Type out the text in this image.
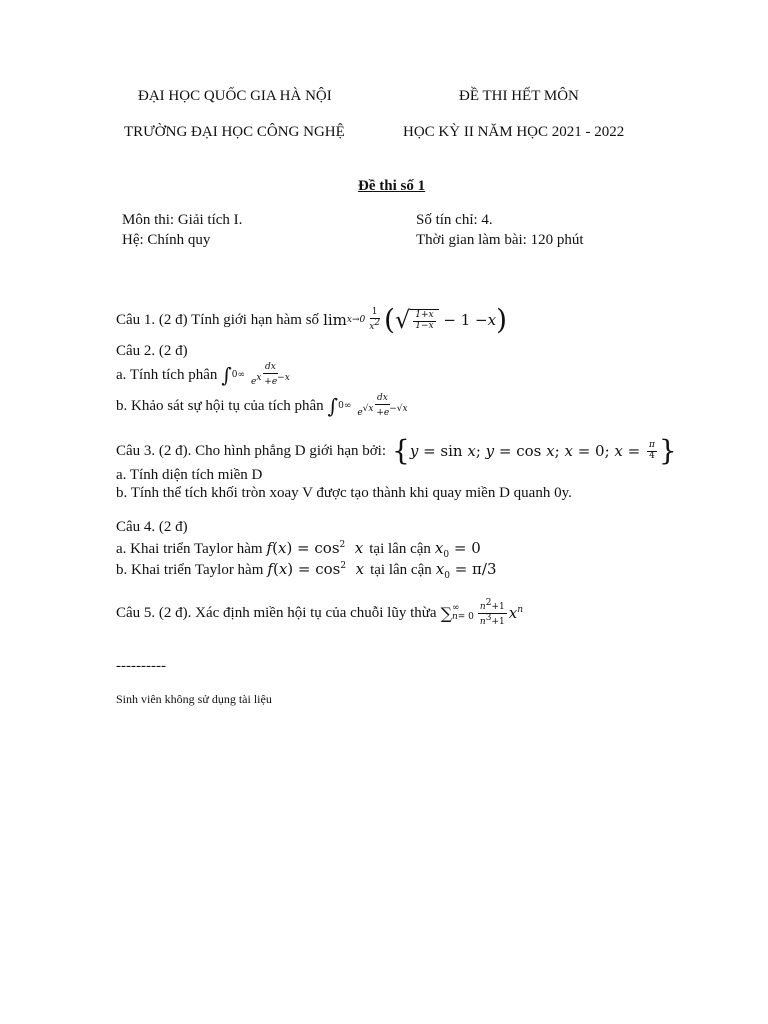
ĐẠI HỌC QUỐC GIA HÀ NỘI
TRƯỜNG ĐẠI HỌC CÔNG NGHỆ
ĐỀ THI HẾT MÔN
HỌC KỲ II NĂM HỌC 2021 - 2022
Đề thi số 1
Môn thi: Giải tích I.	Số tín chỉ: 4.
Hệ: Chính quy	Thời gian làm bài: 120 phút
Câu 1. (2 đ) Tính giới hạn hàm số $\lim x\to 0 \frac{1}{x2}$ ( √ $\frac{1+x}{1-x} - 1 - x$ )
Câu 2. (2 đ)
a. Tính tích phân ∫ 0 ∞ $\frac{dx}{ex +e-x}$
b. Khảo sát sự hội tụ của tích phân ∫ 0 ∞ $\frac{dx}{e√x +e-√x}$
Câu 3. (2 đ). Cho hình phẳng D giới hạn bởi: { y = sin x ; y = cos x ; x = 0; $x = \frac{\pi}{4}$ }
a. Tính diện tích miền D
b. Tính thể tích khối tròn xoay V được tạo thành khi quay miền D quanh 0y.
Câu 4. (2 đ)
a. Khai triển Taylor hàm $f(x) = \cos^2 x$ tại lân cận $x_0 = 0$
b. Khai triển Taylor hàm $f(x) = \cos^2 x$ tại lân cận $x_0 = \pi/3$
Câu 5. (2 đ). Xác định miền hội tụ của chuỗi lũy thừa ∑ ∞
$n= 0 \frac{n2+1}{n3+1} x^n$
----------
Sinh viên không sử dụng tài liệu
